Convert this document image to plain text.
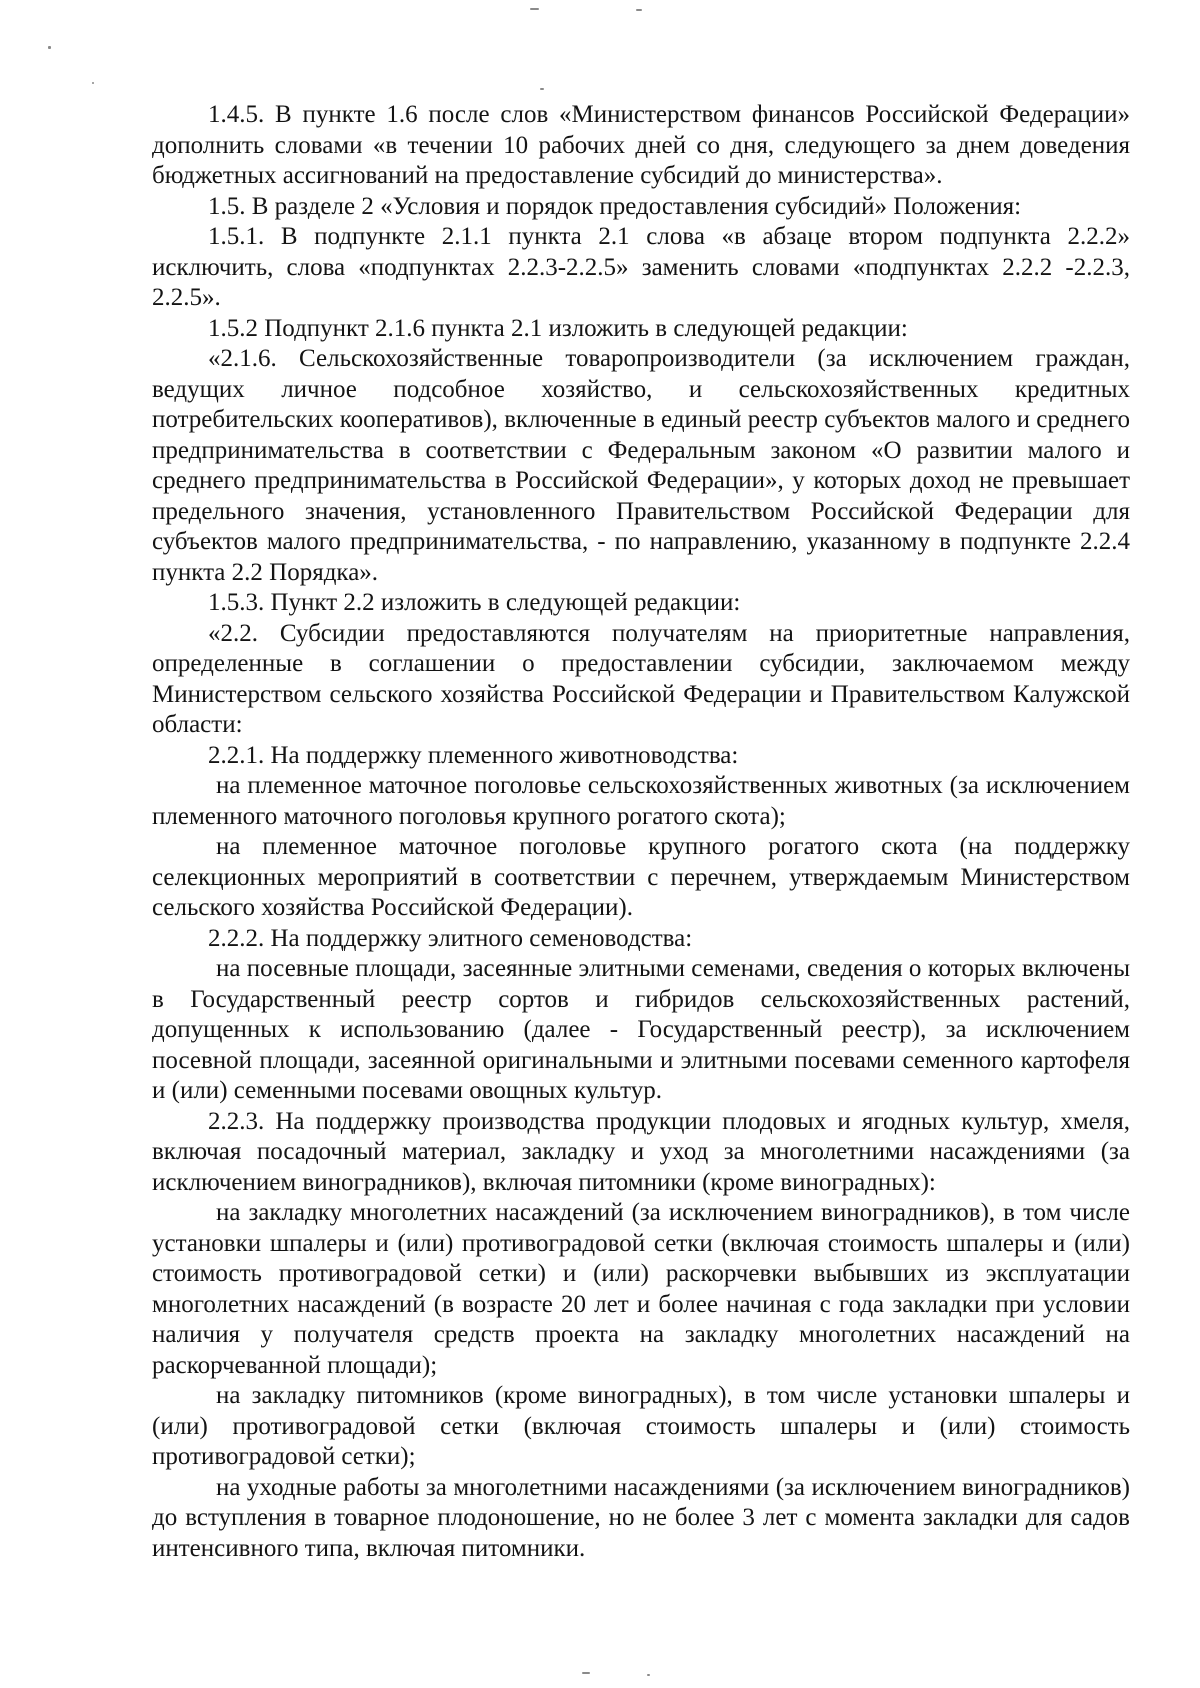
1.4.5. В пункте 1.6 после слов «Министерством финансов Российской Федерации» дополнить словами «в течении 10 рабочих дней со дня, следующего за днем доведения бюджетных ассигнований на предоставление субсидий до министерства».

1.5. В разделе 2 «Условия и порядок предоставления субсидий» Положения:

1.5.1. В подпункте 2.1.1 пункта 2.1 слова «в абзаце втором подпункта 2.2.2» исключить, слова «подпунктах 2.2.3-2.2.5» заменить словами «подпунктах 2.2.2 -2.2.3, 2.2.5».

1.5.2 Подпункт 2.1.6 пункта 2.1 изложить в следующей редакции:

«2.1.6. Сельскохозяйственные товаропроизводители (за исключением граждан, ведущих личное подсобное хозяйство, и сельскохозяйственных кредитных потребительских кооперативов), включенные в единый реестр субъектов малого и среднего предпринимательства в соответствии с Федеральным законом «О развитии малого и среднего предпринимательства в Российской Федерации», у которых доход не превышает предельного значения, установленного Правительством Российской Федерации для субъектов малого предпринимательства, - по направлению, указанному в подпункте 2.2.4 пункта 2.2 Порядка».

1.5.3. Пункт 2.2 изложить в следующей редакции:

«2.2. Субсидии предоставляются получателям на приоритетные направления, определенные в соглашении о предоставлении субсидии, заключаемом между Министерством сельского хозяйства Российской Федерации и Правительством Калужской области:

2.2.1. На поддержку племенного животноводства:

на племенное маточное поголовье сельскохозяйственных животных (за исключением племенного маточного поголовья крупного рогатого скота);

на племенное маточное поголовье крупного рогатого скота (на поддержку селекционных мероприятий в соответствии с перечнем, утверждаемым Министерством сельского хозяйства Российской Федерации).

2.2.2. На поддержку элитного семеноводства:

на посевные площади, засеянные элитными семенами, сведения о которых включены в Государственный реестр сортов и гибридов сельскохозяйственных растений, допущенных к использованию (далее - Государственный реестр), за исключением посевной площади, засеянной оригинальными и элитными посевами семенного картофеля и (или) семенными посевами овощных культур.

2.2.3. На поддержку производства продукции плодовых и ягодных культур, хмеля, включая посадочный материал, закладку и уход за многолетними насаждениями (за исключением виноградников), включая питомники (кроме виноградных):

на закладку многолетних насаждений (за исключением виноградников), в том числе установки шпалеры и (или) противоградовой сетки (включая стоимость шпалеры и (или) стоимость противоградовой сетки) и (или) раскорчевки выбывших из эксплуатации многолетних насаждений (в возрасте 20 лет и более начиная с года закладки при условии наличия у получателя средств проекта на закладку многолетних насаждений на раскорчеванной площади);

на закладку питомников (кроме виноградных), в том числе установки шпалеры и (или) противоградовой сетки (включая стоимость шпалеры и (или) стоимость противоградовой сетки);

на уходные работы за многолетними насаждениями (за исключением виноградников) до вступления в товарное плодоношение, но не более 3 лет с момента закладки для садов интенсивного типа, включая питомники.
